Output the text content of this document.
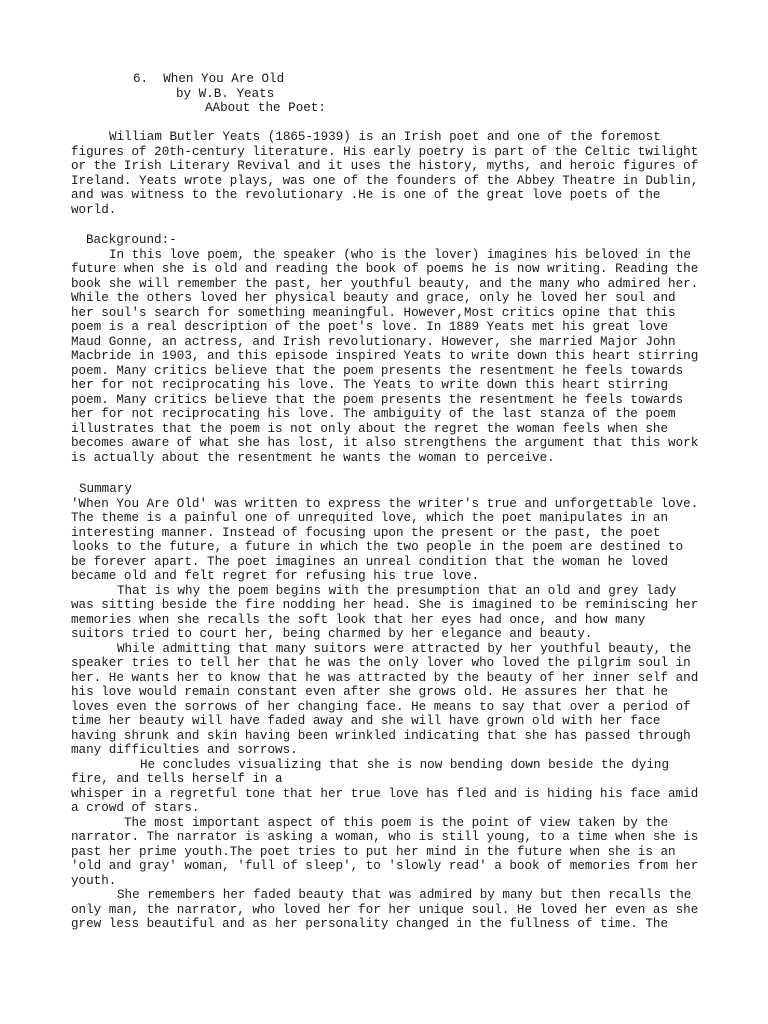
6.  When You Are Old
by W.B. Yeats
AAbout the Poet:
William Butler Yeats (1865-1939) is an Irish poet and one of the foremost
figures of 20th-century literature. His early poetry is part of the Celtic twilight
or the Irish Literary Revival and it uses the history, myths, and heroic figures of
Ireland. Yeats wrote plays, was one of the founders of the Abbey Theatre in Dublin,
and was witness to the revolutionary .He is one of the great love poets of the
world.
Background:-
In this love poem, the speaker (who is the lover) imagines his beloved in the
future when she is old and reading the book of poems he is now writing. Reading the
book she will remember the past, her youthful beauty, and the many who admired her.
While the others loved her physical beauty and grace, only he loved her soul and
her soul's search for something meaningful. However,Most critics opine that this
poem is a real description of the poet's love. In 1889 Yeats met his great love
Maud Gonne, an actress, and Irish revolutionary. However, she married Major John
Macbride in 1903, and this episode inspired Yeats to write down this heart stirring
poem. Many critics believe that the poem presents the resentment he feels towards
her for not reciprocating his love. The Yeats to write down this heart stirring
poem. Many critics believe that the poem presents the resentment he feels towards
her for not reciprocating his love. The ambiguity of the last stanza of the poem
illustrates that the poem is not only about the regret the woman feels when she
becomes aware of what she has lost, it also strengthens the argument that this work
is actually about the resentment he wants the woman to perceive.
Summary
'When You Are Old' was written to express the writer's true and unforgettable love.
The theme is a painful one of unrequited love, which the poet manipulates in an
interesting manner. Instead of focusing upon the present or the past, the poet
looks to the future, a future in which the two people in the poem are destined to
be forever apart. The poet imagines an unreal condition that the woman he loved
became old and felt regret for refusing his true love.
That is why the poem begins with the presumption that an old and grey lady
was sitting beside the fire nodding her head. She is imagined to be reminiscing her
memories when she recalls the soft look that her eyes had once, and how many
suitors tried to court her, being charmed by her elegance and beauty.
While admitting that many suitors were attracted by her youthful beauty, the
speaker tries to tell her that he was the only lover who loved the pilgrim soul in
her. He wants her to know that he was attracted by the beauty of her inner self and
his love would remain constant even after she grows old. He assures her that he
loves even the sorrows of her changing face. He means to say that over a period of
time her beauty will have faded away and she will have grown old with her face
having shrunk and skin having been wrinkled indicating that she has passed through
many difficulties and sorrows.
He concludes visualizing that she is now bending down beside the dying
fire, and tells herself in a
whisper in a regretful tone that her true love has fled and is hiding his face amid
a crowd of stars.
The most important aspect of this poem is the point of view taken by the
narrator. The narrator is asking a woman, who is still young, to a time when she is
past her prime youth.The poet tries to put her mind in the future when she is an
'old and gray' woman, 'full of sleep', to 'slowly read' a book of memories from her
youth.
She remembers her faded beauty that was admired by many but then recalls the
only man, the narrator, who loved her for her unique soul. He loved her even as she
grew less beautiful and as her personality changed in the fullness of time. The
